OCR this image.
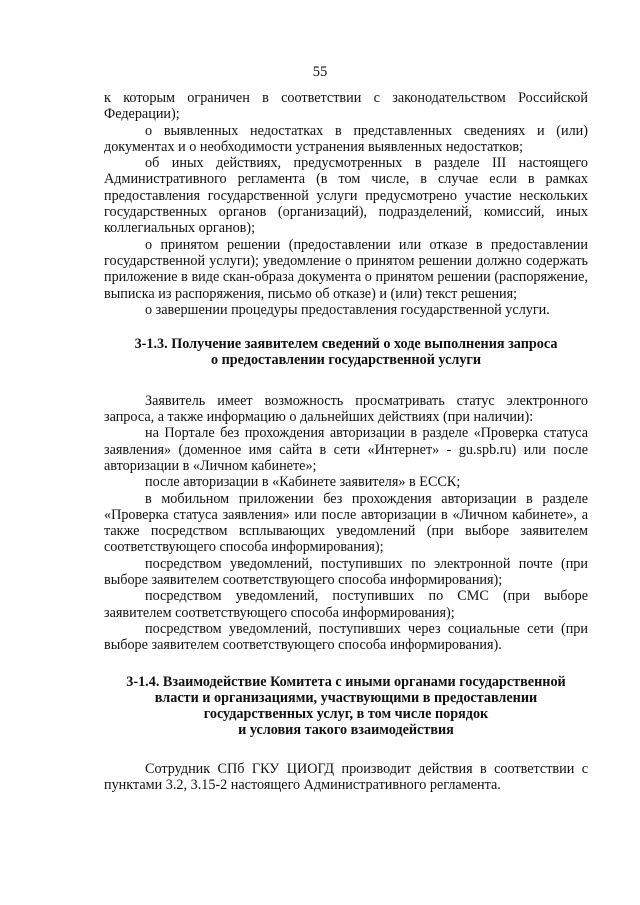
55

к которым ограничен в соответствии с законодательством Российской Федерации);

о выявленных недостатках в представленных сведениях и (или) документах и о необходимости устранения выявленных недостатков;

об иных действиях, предусмотренных в разделе III настоящего Административного регламента (в том числе, в случае если в рамках предоставления государственной услуги предусмотрено участие нескольких государственных органов (организаций), подразделений, комиссий, иных коллегиальных органов);

о принятом решении (предоставлении или отказе в предоставлении государственной услуги); уведомление о принятом решении должно содержать приложение в виде скан-образа документа о принятом решении (распоряжение, выписка из распоряжения, письмо об отказе) и (или) текст решения;

о завершении процедуры предоставления государственной услуги.

3-1.3. Получение заявителем сведений о ходе выполнения запроса
о предоставлении государственной услуги

Заявитель имеет возможность просматривать статус электронного запроса, а также информацию о дальнейших действиях (при наличии):

на Портале без прохождения авторизации в разделе «Проверка статуса заявления» (доменное имя сайта в сети «Интернет» - gu.spb.ru) или после авторизации в «Личном кабинете»;

после авторизации в «Кабинете заявителя» в ЕССК;

в мобильном приложении без прохождения авторизации в разделе «Проверка статуса заявления» или после авторизации в «Личном кабинете», а также посредством всплывающих уведомлений (при выборе заявителем соответствующего способа информирования);

посредством уведомлений, поступивших по электронной почте (при выборе заявителем соответствующего способа информирования);

посредством уведомлений, поступивших по СМС (при выборе заявителем соответствующего способа информирования);

посредством уведомлений, поступивших через социальные сети (при выборе заявителем соответствующего способа информирования).

3-1.4. Взаимодействие Комитета с иными органами государственной
власти и организациями, участвующими в предоставлении
государственных услуг, в том числе порядок
и условия такого взаимодействия

Сотрудник СПб ГКУ ЦИОГД производит действия в соответствии с пунктами 3.2, 3.15-2 настоящего Административного регламента.
